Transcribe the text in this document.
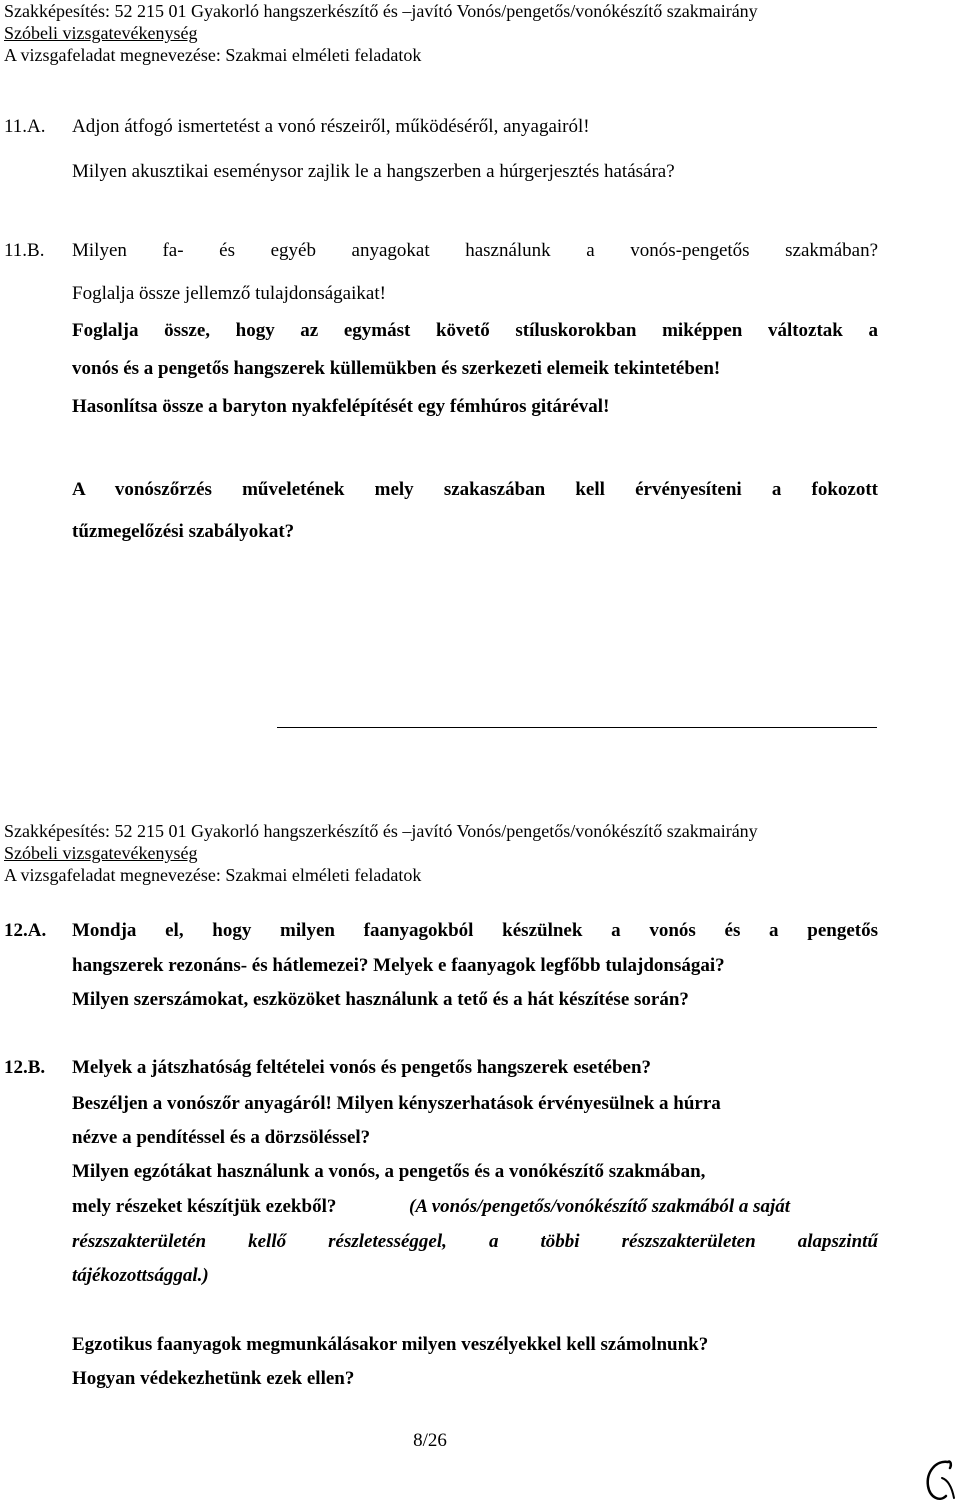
Szakképesítés: 52 215 01 Gyakorló hangszerkészítő és –javító Vonós/pengetős/vonókészítő szakmairány
Szóbeli vizsgatevékenység
A vizsgafeladat megnevezése: Szakmai elméleti feladatok
11.A. Adjon átfogó ismertetést a vonó részeiről, működéséről, anyagairól!
Milyen akusztikai eseménysor zajlik le a hangszerben a húrgerjesztés hatására?
11.B. Milyen fa- és egyéb anyagokat használunk a vonós-pengetős szakmában?
Foglalja össze jellemző tulajdonságaikat!
Foglalja össze, hogy az egymást követő stíluskorokban miképpen változtak a
vonós és a pengetős hangszerek küllemükben és szerkezeti elemeik tekintetében!
Hasonlítsa össze a baryton nyakfelépítését egy fémhúros gitáréval!
A vonószőrzés műveletének mely szakaszában kell érvényesíteni a fokozott
tűzmegelőzési szabályokat?
Szakképesítés: 52 215 01 Gyakorló hangszerkészítő és –javító Vonós/pengetős/vonókészítő szakmairány
Szóbeli vizsgatevékenység
A vizsgafeladat megnevezése: Szakmai elméleti feladatok
12.A. Mondja el, hogy milyen faanyagokból készülnek a vonós és a pengetős
hangszerek rezonáns- és hátlemezei? Melyek e faanyagok legfőbb tulajdonságai?
Milyen szerszámokat, eszközöket használunk a tető és a hát készítése során?
12.B. Melyek a játszhatóság feltételei vonós és pengetős hangszerek esetében?
Beszéljen a vonószőr anyagáról! Milyen kényszerhatások érvényesülnek a húrra
nézve a pendítéssel és a dörzsöléssel?
Milyen egzótákat használunk a vonós, a pengetős és a vonókészítő szakmában,
mely részeket készítjük ezekből?	(A vonós/pengetős/vonókészítő szakmából a saját
részszakterületén kellő részletességgel, a többi részszakterületen alapszintű
tájékozottsággal.)
Egzotikus faanyagok megmunkálásakor milyen veszélyekkel kell számolnunk?
Hogyan védekezhetünk ezek ellen?
8/26
